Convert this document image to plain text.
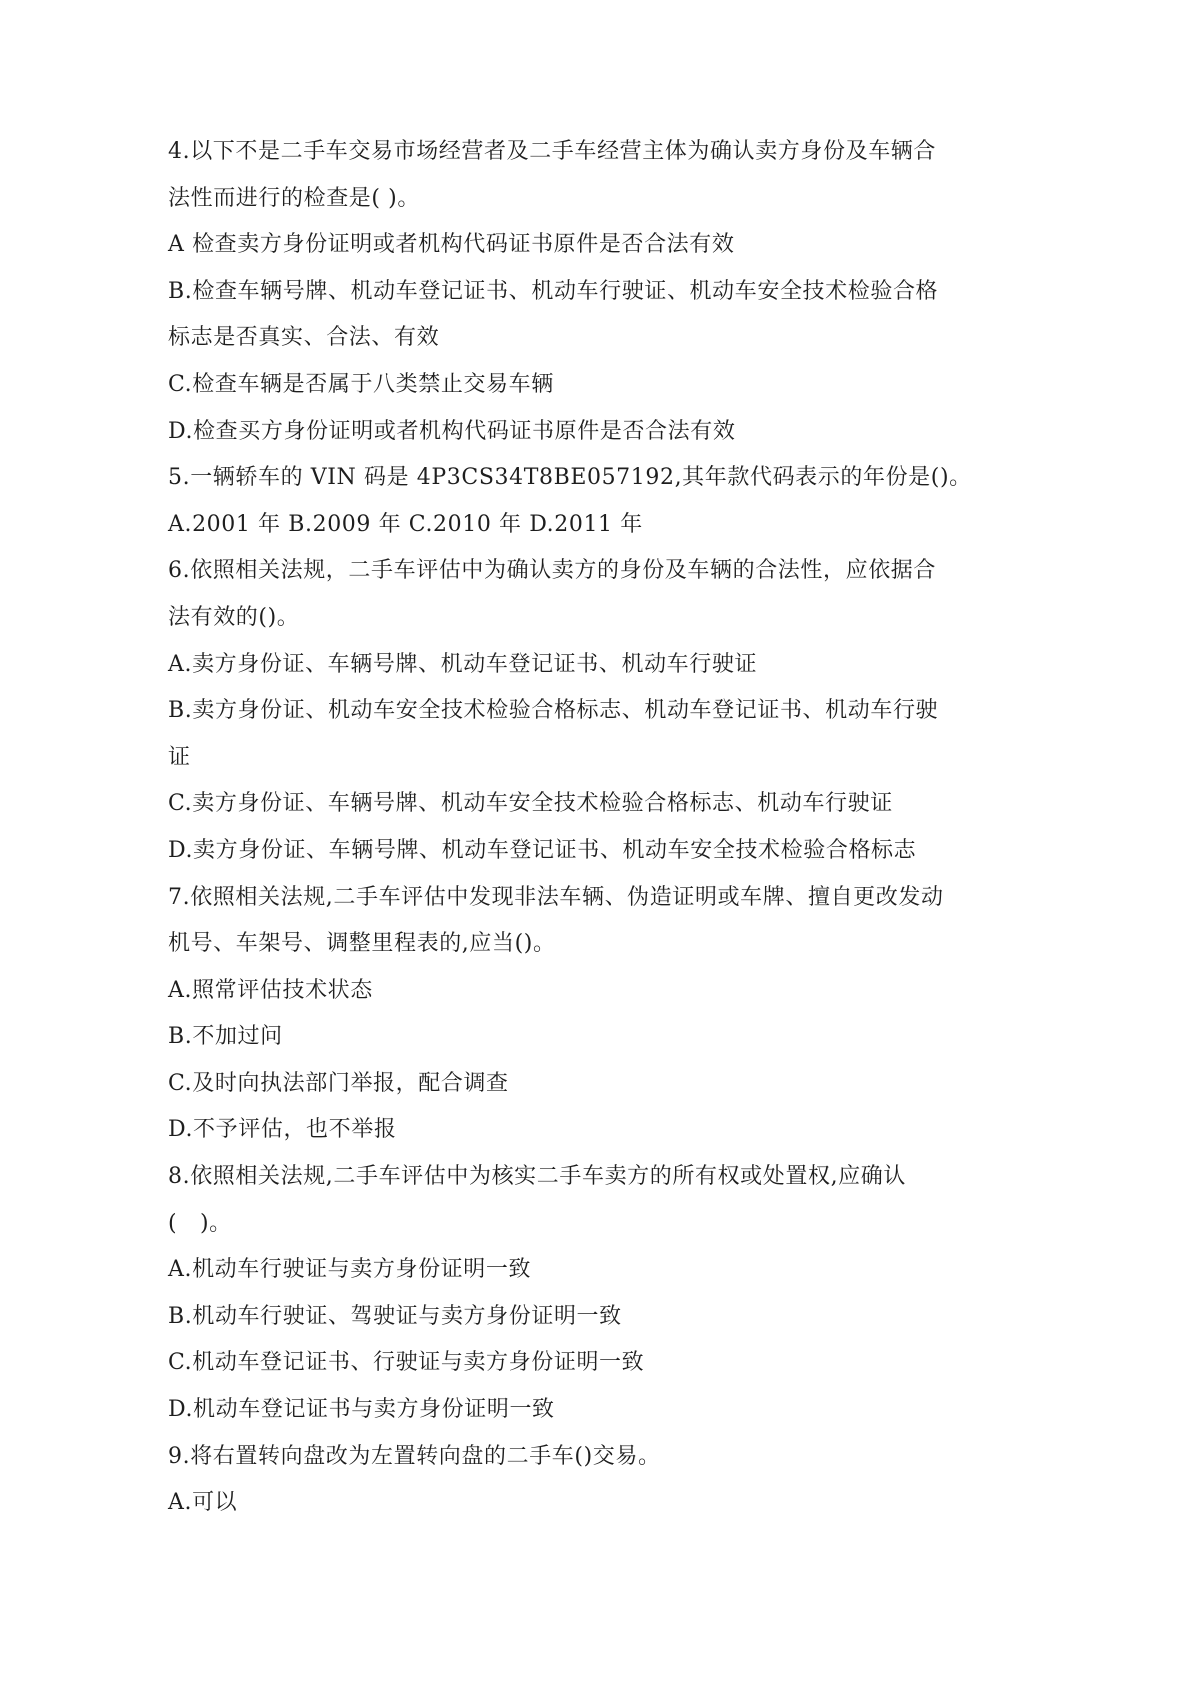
4.以下不是二手车交易市场经营者及二手车经营主体为确认卖方身份及车辆合
法性而进行的检查是( )。
A 检查卖方身份证明或者机构代码证书原件是否合法有效
B.检查车辆号牌、机动车登记证书、机动车行驶证、机动车安全技术检验合格
标志是否真实、合法、有效
C.检查车辆是否属于八类禁止交易车辆
D.检查买方身份证明或者机构代码证书原件是否合法有效
5.一辆轿车的 VIN 码是 4P3CS34T8BE057192,其年款代码表示的年份是()。
A.2001 年 B.2009 年 C.2010 年 D.2011 年
6.依照相关法规，二手车评估中为确认卖方的身份及车辆的合法性，应依据合
法有效的()。
A.卖方身份证、车辆号牌、机动车登记证书、机动车行驶证
B.卖方身份证、机动车安全技术检验合格标志、机动车登记证书、机动车行驶
证
C.卖方身份证、车辆号牌、机动车安全技术检验合格标志、机动车行驶证
D.卖方身份证、车辆号牌、机动车登记证书、机动车安全技术检验合格标志
7.依照相关法规,二手车评估中发现非法车辆、伪造证明或车牌、擅自更改发动
机号、车架号、调整里程表的,应当()。
A.照常评估技术状态
B.不加过问
C.及时向执法部门举报，配合调查
D.不予评估，也不举报
8.依照相关法规,二手车评估中为核实二手车卖方的所有权或处置权,应确认
(   )。
A.机动车行驶证与卖方身份证明一致
B.机动车行驶证、驾驶证与卖方身份证明一致
C.机动车登记证书、行驶证与卖方身份证明一致
D.机动车登记证书与卖方身份证明一致
9.将右置转向盘改为左置转向盘的二手车()交易。
A.可以
